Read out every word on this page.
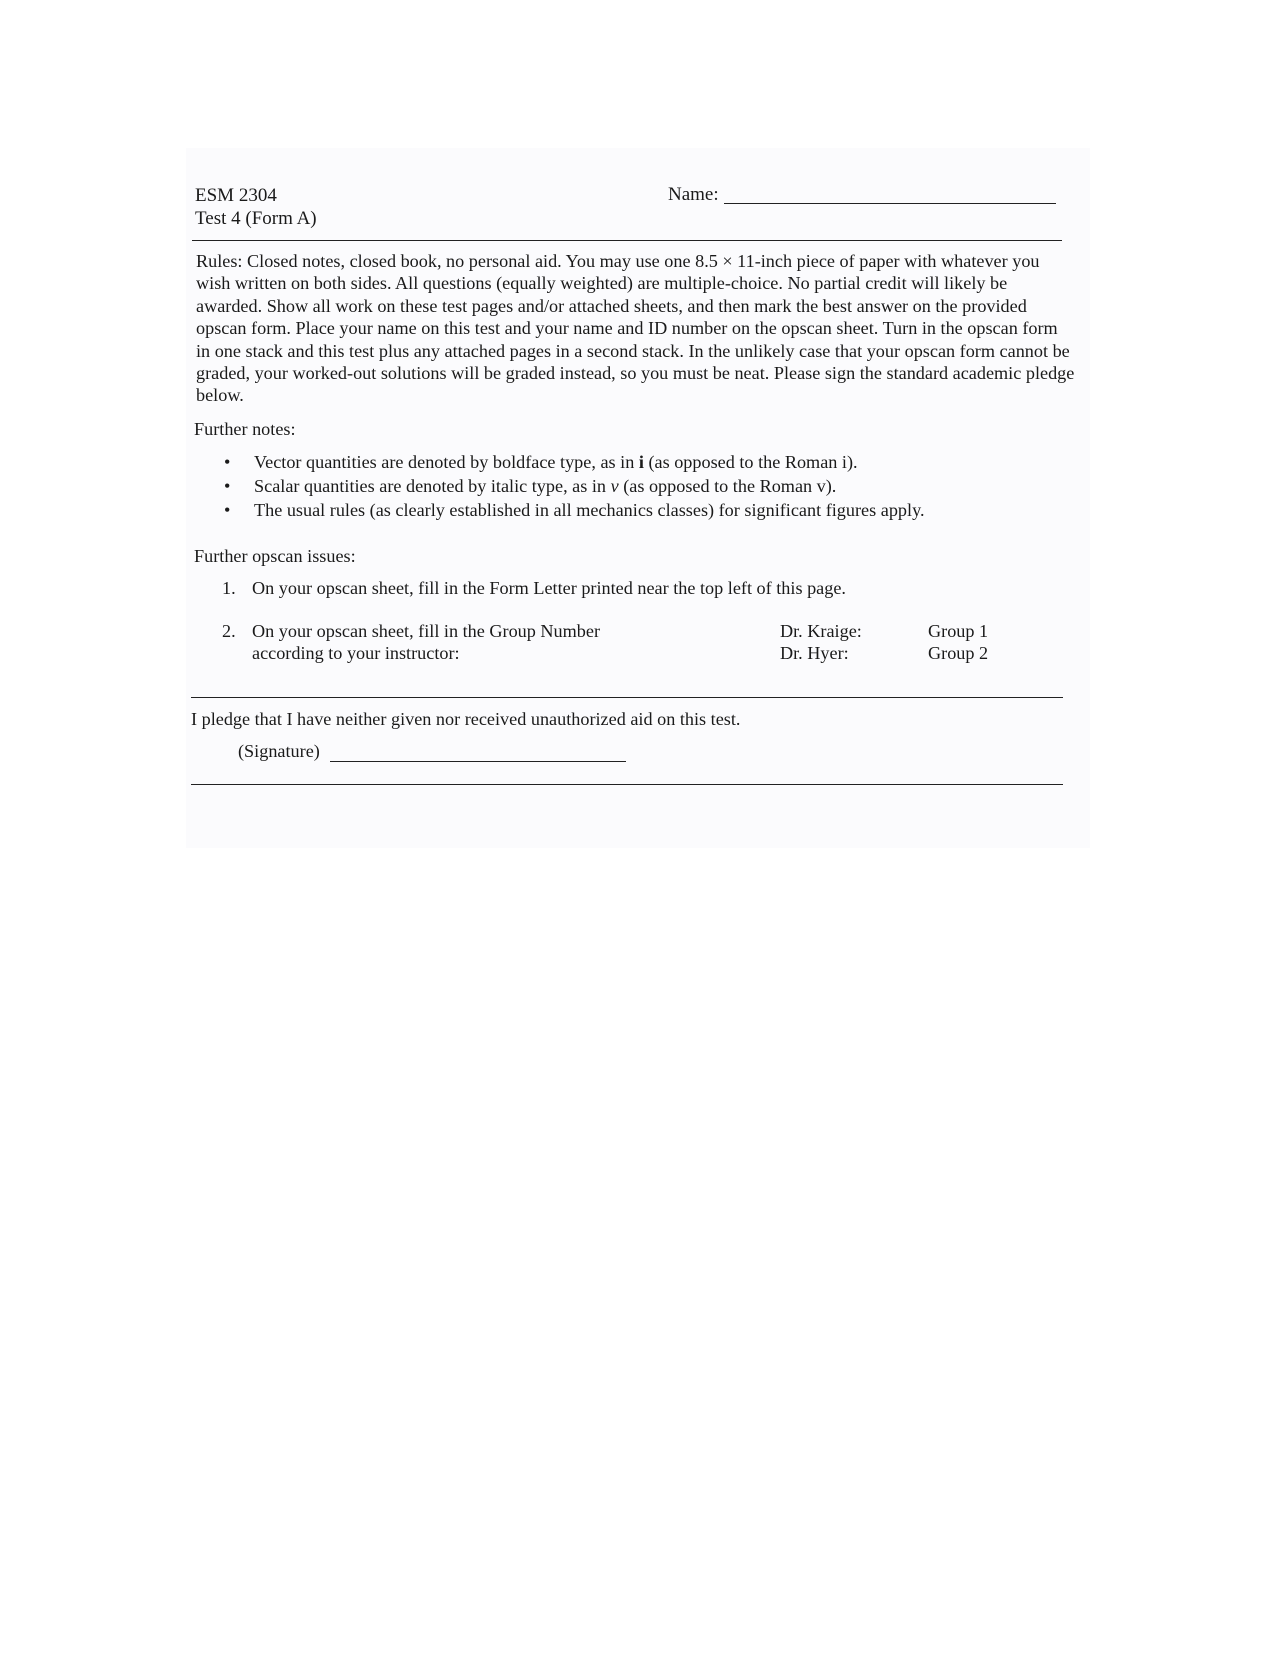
ESM 2304
Test 4 (Form A)
Name:

Rules: Closed notes, closed book, no personal aid. You may use one 8.5 × 11-inch piece of paper with whatever you wish written on both sides. All questions (equally weighted) are multiple-choice. No partial credit will likely be awarded. Show all work on these test pages and/or attached sheets, and then mark the best answer on the provided opscan form. Place your name on this test and your name and ID number on the opscan sheet. Turn in the opscan form in one stack and this test plus any attached pages in a second stack. In the unlikely case that your opscan form cannot be graded, your worked-out solutions will be graded instead, so you must be neat. Please sign the standard academic pledge below.

Further notes:
• Vector quantities are denoted by boldface type, as in i (as opposed to the Roman i).
• Scalar quantities are denoted by italic type, as in v (as opposed to the Roman v).
• The usual rules (as clearly established in all mechanics classes) for significant figures apply.
Further opscan issues:
1. On your opscan sheet, fill in the Form Letter printed near the top left of this page.
2. On your opscan sheet, fill in the Group Number
according to your instructor:
Dr. Kraige:	Group 1
Dr. Hyer:	Group 2
I pledge that I have neither given nor received unauthorized aid on this test.
(Signature)
